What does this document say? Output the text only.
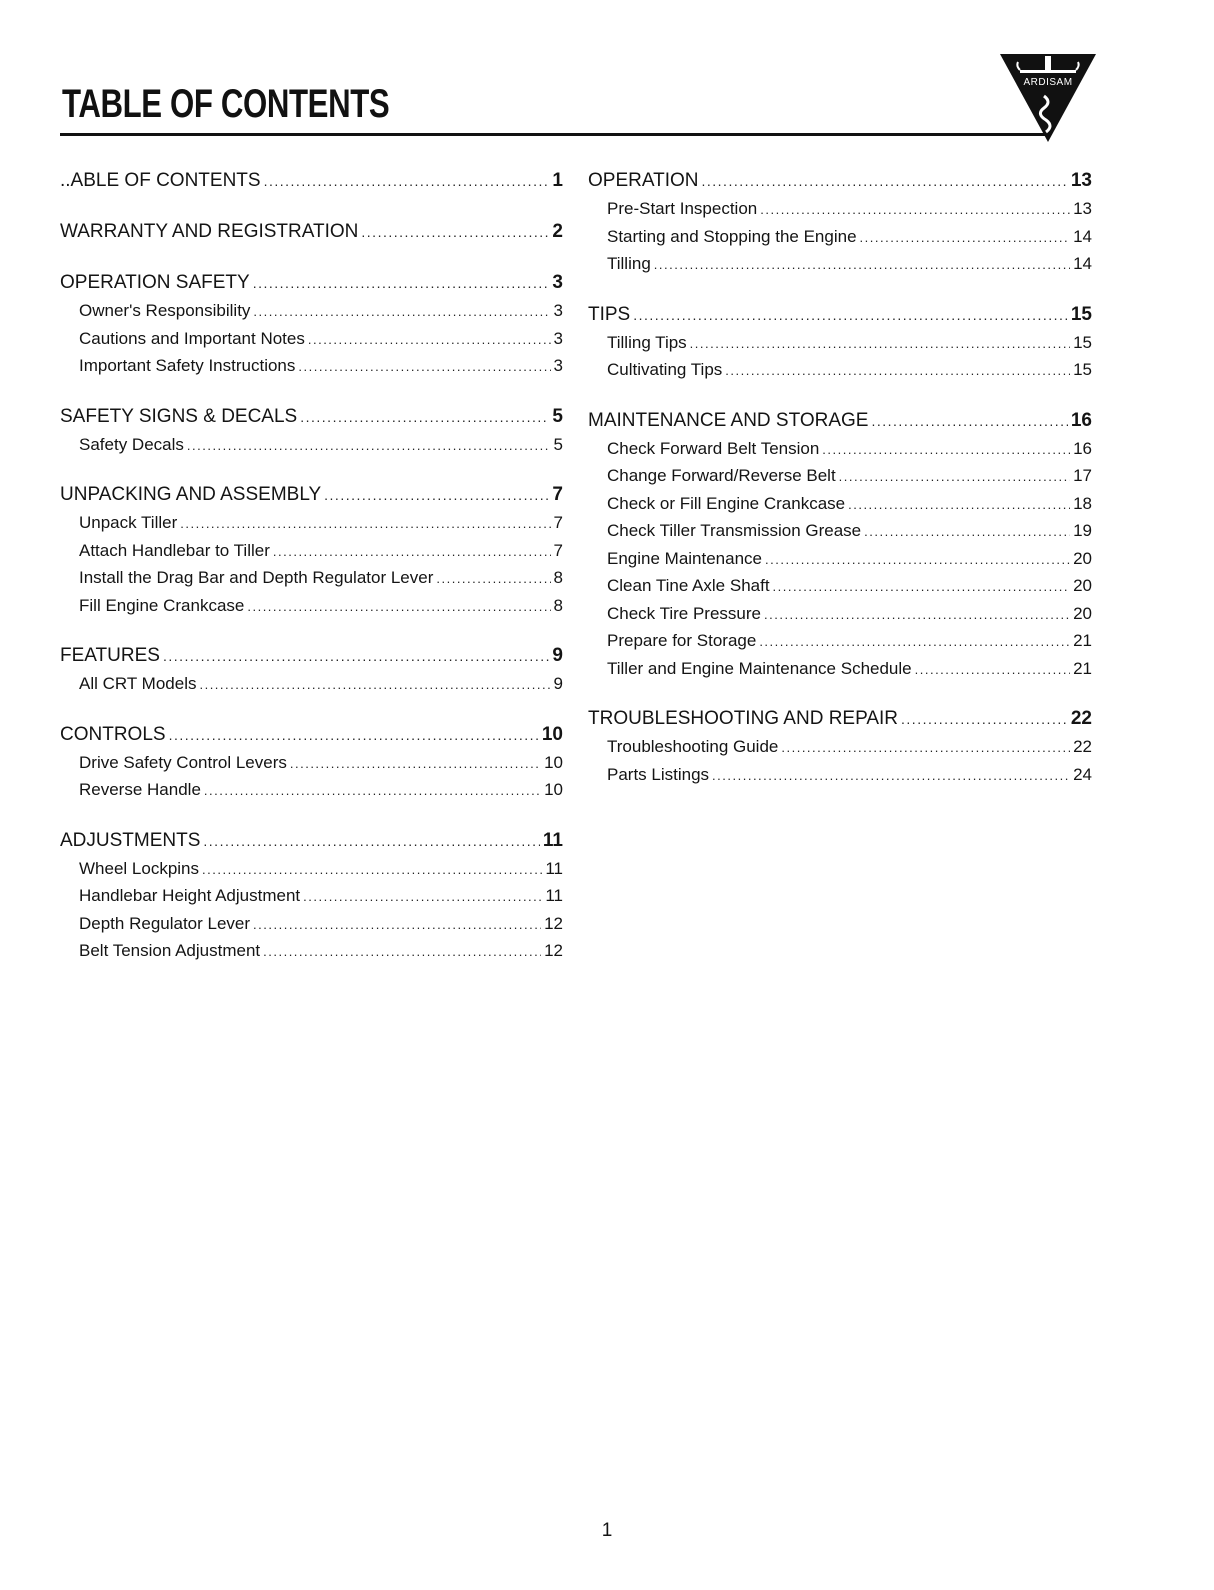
TABLE OF CONTENTS	ARDISAM
..ABLE OF CONTENTS .....	1
WARRANTY AND REGISTRATION .....	2
OPERATION SAFETY .....	3
Owner's Responsibility .....	3
Cautions and Important Notes .....	3
Important Safety Instructions .....	3
SAFETY SIGNS & DECALS .....	5
Safety Decals .....	5
UNPACKING AND ASSEMBLY .....	7
Unpack Tiller .....	7
Attach Handlebar to Tiller .....	7
Install the Drag Bar and Depth Regulator Lever .....	8
Fill Engine Crankcase .....	8
FEATURES .....	9
All CRT Models .....	9
CONTROLS .....	10
Drive Safety Control Levers .....	10
Reverse Handle .....	10
ADJUSTMENTS .....	11
Wheel Lockpins .....	11
Handlebar Height Adjustment .....	11
Depth Regulator Lever .....	12
Belt Tension Adjustment .....	12
OPERATION .....	13
Pre-Start Inspection .....	13
Starting and Stopping the Engine .....	14
Tilling .....	14
TIPS .....	15
Tilling Tips .....	15
Cultivating Tips .....	15
MAINTENANCE AND STORAGE .....	16
Check Forward Belt Tension .....	16
Change Forward/Reverse Belt .....	17
Check or Fill Engine Crankcase .....	18
Check Tiller Transmission Grease .....	19
Engine Maintenance .....	20
Clean Tine Axle Shaft .....	20
Check Tire Pressure .....	20
Prepare for Storage .....	21
Tiller and Engine Maintenance Schedule .....	21
TROUBLESHOOTING AND REPAIR .....	22
Troubleshooting Guide .....	22
Parts Listings .....	24
1
